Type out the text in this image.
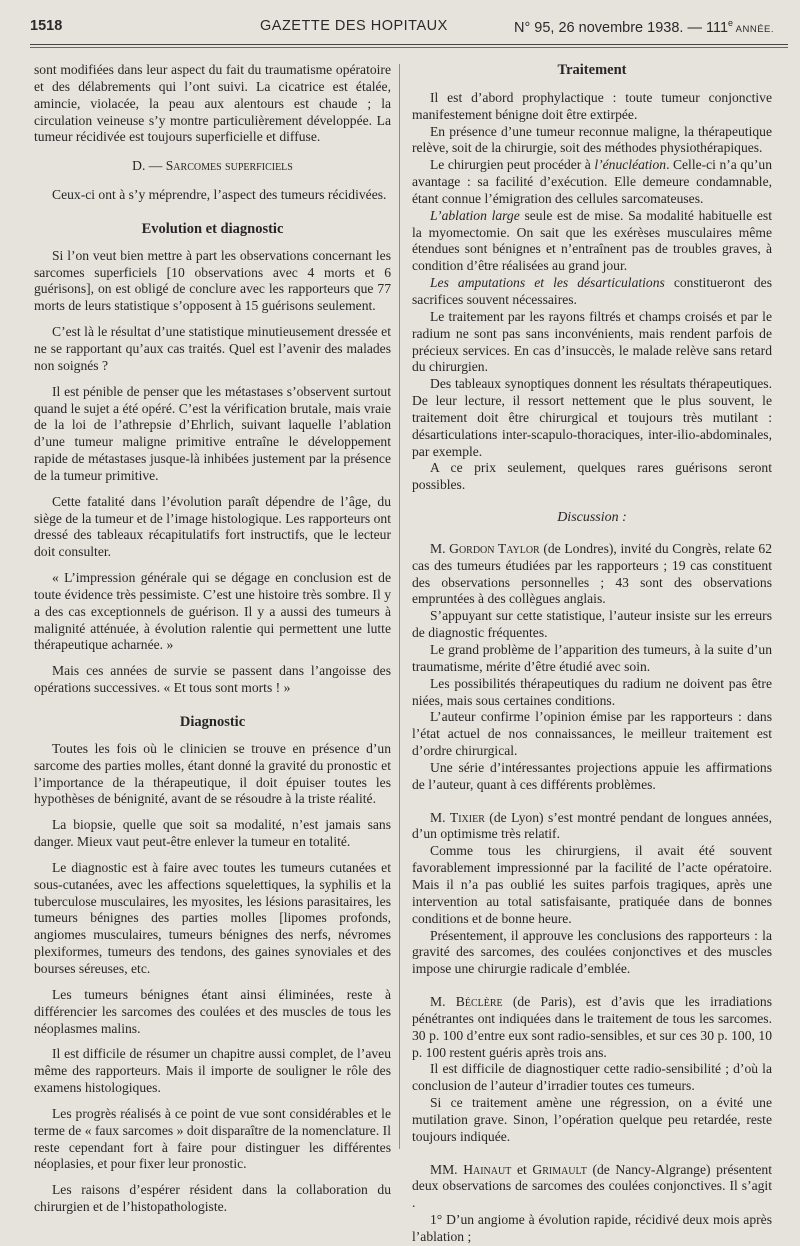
1518	GAZETTE DES HOPITAUX	N° 95, 26 novembre 1938. — 111e ANNÉE.

sont modifiées dans leur aspect du fait du traumatisme opératoire et des délabrements qui l’ont suivi. La cicatrice est étalée, amincie, violacée, la peau aux alentours est chaude ; la circulation veineuse s’y montre particulièrement développée. La tumeur récidivée est toujours superficielle et diffuse.

D. — Sarcomes superficiels

Ceux-ci ont à s’y méprendre, l’aspect des tumeurs récidivées.

Evolution et diagnostic

Si l’on veut bien mettre à part les observations concernant les sarcomes superficiels [10 observations avec 4 morts et 6 guérisons], on est obligé de conclure avec les rapporteurs que 77 morts de leurs statistique s’opposent à 15 guérisons seulement.

C’est là le résultat d’une statistique minutieusement dressée et ne se rapportant qu’aux cas traités. Quel est l’avenir des malades non soignés ?

Il est pénible de penser que les métastases s’observent surtout quand le sujet a été opéré. C’est la vérification brutale, mais vraie de la loi de l’athrepsie d’Ehrlich, suivant laquelle l’ablation d’une tumeur maligne primitive entraîne le développement rapide de métastases jusque-là inhibées justement par la présence de la tumeur primitive.

Cette fatalité dans l’évolution paraît dépendre de l’âge, du siège de la tumeur et de l’image histologique. Les rapporteurs ont dressé des tableaux récapitulatifs fort instructifs, que le lecteur doit consulter.

« L’impression générale qui se dégage en conclusion est de toute évidence très pessimiste. C’est une histoire très sombre. Il y a des cas exceptionnels de guérison. Il y a aussi des tumeurs à malignité atténuée, à évolution ralentie qui permettent une lutte thérapeutique acharnée. »

Mais ces années de survie se passent dans l’angoisse des opérations successives. « Et tous sont morts ! »

Diagnostic

Toutes les fois où le clinicien se trouve en présence d’un sarcome des parties molles, étant donné la gravité du pronostic et l’importance de la thérapeutique, il doit épuiser toutes les hypothèses de bénignité, avant de se résoudre à la triste réalité.

La biopsie, quelle que soit sa modalité, n’est jamais sans danger. Mieux vaut peut-être enlever la tumeur en totalité.

Le diagnostic est à faire avec toutes les tumeurs cutanées et sous-cutanées, avec les affections squelettiques, la syphilis et la tuberculose musculaires, les myosites, les lésions parasitaires, les tumeurs bénignes des parties molles [lipomes profonds, angiomes musculaires, tumeurs bénignes des nerfs, névromes plexiformes, tumeurs des tendons, des gaines synoviales et des bourses séreuses, etc.

Les tumeurs bénignes étant ainsi éliminées, reste à différencier les sarcomes des coulées et des muscles de tous les néoplasmes malins.

Il est difficile de résumer un chapitre aussi complet, de l’aveu même des rapporteurs. Mais il importe de souligner le rôle des examens histologiques.

Les progrès réalisés à ce point de vue sont considérables et le terme de « faux sarcomes » doit disparaître de la nomenclature. Il reste cependant fort à faire pour distinguer les différentes néoplasies, et pour fixer leur pronostic.

Les raisons d’espérer résident dans la collaboration du chirurgien et de l’histopathologiste.

Traitement

Il est d’abord prophylactique : toute tumeur conjonctive manifestement bénigne doit être extirpée.

En présence d’une tumeur reconnue maligne, la thérapeutique relève, soit de la chirurgie, soit des méthodes physiothérapiques.

Le chirurgien peut procéder à l’énucléation. Celle-ci n’a qu’un avantage : sa facilité d’exécution. Elle demeure condamnable, étant connue l’émigration des cellules sarcomateuses.

L’ablation large seule est de mise. Sa modalité habituelle est la myomectomie. On sait que les exérèses musculaires même étendues sont bénignes et n’entraînent pas de troubles graves, à condition d’être réalisées au grand jour.

Les amputations et les désarticulations constitueront des sacrifices souvent nécessaires.

Le traitement par les rayons filtrés et champs croisés et par le radium ne sont pas sans inconvénients, mais rendent parfois de précieux services. En cas d’insuccès, le malade relève sans retard du chirurgien.

Des tableaux synoptiques donnent les résultats thérapeutiques. De leur lecture, il ressort nettement que le plus souvent, le traitement doit être chirurgical et toujours très mutilant : désarticulations inter-scapulo-thoraciques, inter-ilio-abdominales, par exemple.

A ce prix seulement, quelques rares guérisons seront possibles.

Discussion :

M. Gordon Taylor (de Londres), invité du Congrès, relate 62 cas des tumeurs étudiées par les rapporteurs ; 19 cas constituent des observations personnelles ; 43 sont des observations empruntées à des collègues anglais.

S’appuyant sur cette statistique, l’auteur insiste sur les erreurs de diagnostic fréquentes.

Le grand problème de l’apparition des tumeurs, à la suite d’un traumatisme, mérite d’être étudié avec soin.

Les possibilités thérapeutiques du radium ne doivent pas être niées, mais sous certaines conditions.

L’auteur confirme l’opinion émise par les rapporteurs : dans l’état actuel de nos connaissances, le meilleur traitement est d’ordre chirurgical.

Une série d’intéressantes projections appuie les affirmations de l’auteur, quant à ces différents problèmes.

M. Tixier (de Lyon) s’est montré pendant de longues années, d’un optimisme très relatif.

Comme tous les chirurgiens, il avait été souvent favorablement impressionné par la facilité de l’acte opératoire. Mais il n’a pas oublié les suites parfois tragiques, après une intervention au total satisfaisante, pratiquée dans de bonnes conditions et de bonne heure.

Présentement, il approuve les conclusions des rapporteurs : la gravité des sarcomes, des coulées conjonctives et des muscles impose une chirurgie radicale d’emblée.

M. Béclère (de Paris), est d’avis que les irradiations pénétrantes ont indiquées dans le traitement de tous les sarcomes. 30 p. 100 d’entre eux sont radio-sensibles, et sur ces 30 p. 100, 10 p. 100 restent guéris après trois ans.

Il est difficile de diagnostiquer cette radio-sensibilité ; d’où la conclusion de l’auteur d’irradier toutes ces tumeurs.

Si ce traitement amène une régression, on a évité une mutilation grave. Sinon, l’opération quelque peu retardée, reste toujours indiquée.

MM. Hainaut et Grimault (de Nancy-Algrange) présentent deux observations de sarcomes des coulées conjonctives. Il s’agit .

1° D’un angiome à évolution rapide, récidivé deux mois après l’ablation ;
